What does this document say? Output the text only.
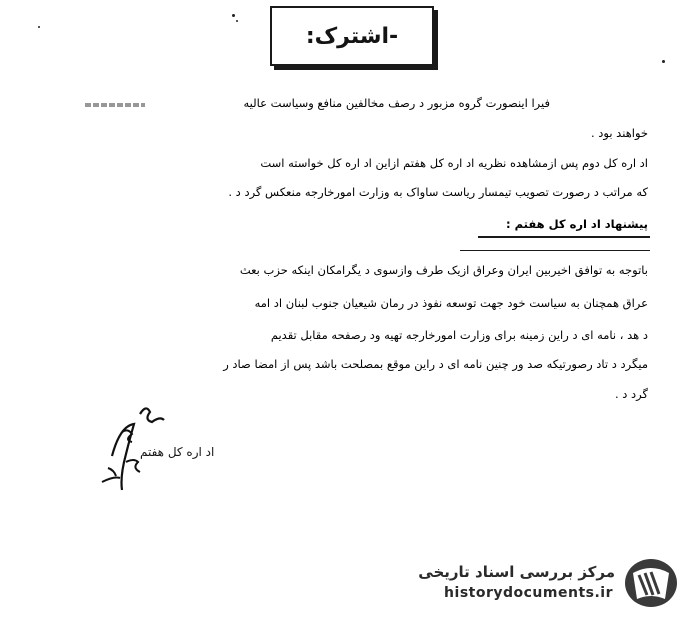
-اشترک:
فیرا اینصورت گروه مزبور د رصف مخالفین منافع وسیاست عالیه
خواهند بود .
اد اره کل دوم پس ازمشاهده نظریه اد اره کل هفتم ازاین اد اره کل خواسته است
که مراتب د رصورت تصویب تیمسار ریاست ساواک به وزارت امورخارجه منعکس گرد د .
پیشنهاد اد اره کل هفتم :
باتوجه به توافق اخیربین ایران وعراق ازیک طرف وازسوی د یگرامکان اینکه حزب بعث
عراق همچنان به سیاست خود جهت توسعه نفوذ در رمان شیعیان جنوب لبنان اد امه
د هد ، نامه ای د راین زمینه برای وزارت امورخارجه تهیه ود رصفحه مقابل تقدیم
میگرد د تاد رصورتیکه صد ور چنین نامه ای د راین موقع بمصلحت باشد پس از امضا صاد ر
گرد د .
اد اره کل هفتم
مرکز بررسی اسناد تاریخی
historydocuments.ir
